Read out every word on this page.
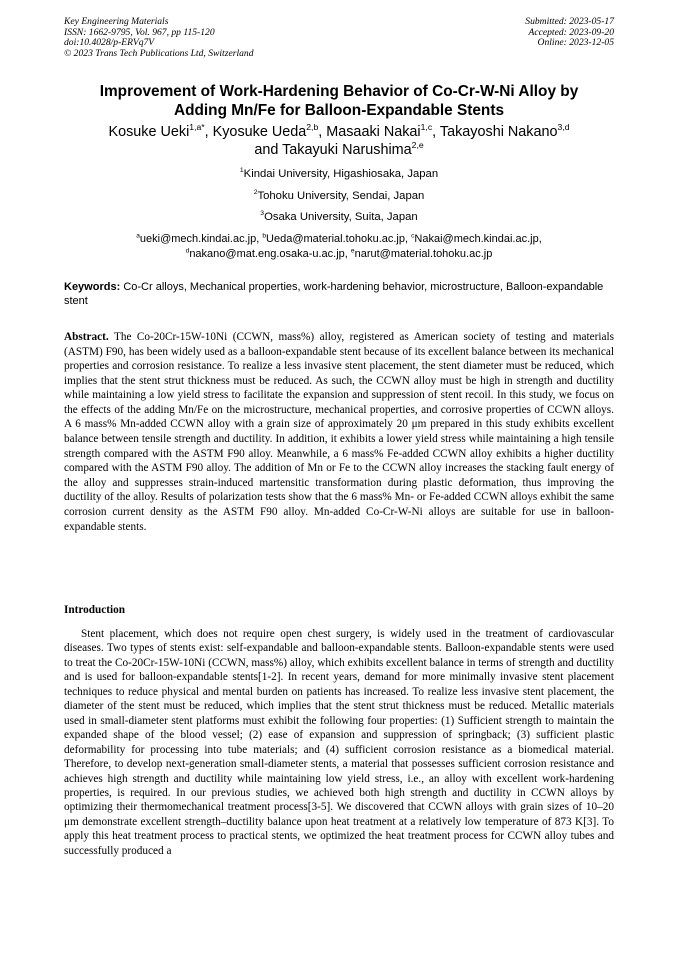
Key Engineering Materials
ISSN: 1662-9795, Vol. 967, pp 115-120
doi:10.4028/p-ERVq7V
© 2023 Trans Tech Publications Ltd, Switzerland
Submitted: 2023-05-17
Accepted: 2023-09-20
Online: 2023-12-05
Improvement of Work-Hardening Behavior of Co-Cr-W-Ni Alloy by
Adding Mn/Fe for Balloon-Expandable Stents
Kosuke Ueki$^{1,a*}$, Kyosuke Ueda$^{2,b}$, Masaaki Nakai$^{1,c}$, Takayoshi Nakano$^{3,d}$
and Takayuki Narushima$^{2,e}$
$^1$Kindai University, Higashiosaka, Japan
$^2$Tohoku University, Sendai, Japan
$^3$Osaka University, Suita, Japan
$^a$ueki@mech.kindai.ac.jp, $^b$Ueda@material.tohoku.ac.jp, $^c$Nakai@mech.kindai.ac.jp,
$^d$nakano@mat.eng.osaka-u.ac.jp, $^e$narut@material.tohoku.ac.jp
Keywords: Co-Cr alloys, Mechanical properties, work-hardening behavior, microstructure, Balloon-expandable stent
Abstract. The Co-20Cr-15W-10Ni (CCWN, mass%) alloy, registered as American society of testing and materials (ASTM) F90, has been widely used as a balloon-expandable stent because of its excellent balance between its mechanical properties and corrosion resistance. To realize a less invasive stent placement, the stent diameter must be reduced, which implies that the stent strut thickness must be reduced. As such, the CCWN alloy must be high in strength and ductility while maintaining a low yield stress to facilitate the expansion and suppression of stent recoil. In this study, we focus on the effects of the adding Mn/Fe on the microstructure, mechanical properties, and corrosive properties of CCWN alloys. A 6 mass% Mn-added CCWN alloy with a grain size of approximately 20 μm prepared in this study exhibits excellent balance between tensile strength and ductility. In addition, it exhibits a lower yield stress while maintaining a high tensile strength compared with the ASTM F90 alloy. Meanwhile, a 6 mass% Fe-added CCWN alloy exhibits a higher ductility compared with the ASTM F90 alloy. The addition of Mn or Fe to the CCWN alloy increases the stacking fault energy of the alloy and suppresses strain-induced martensitic transformation during plastic deformation, thus improving the ductility of the alloy. Results of polarization tests show that the 6 mass% Mn- or Fe-added CCWN alloys exhibit the same corrosion current density as the ASTM F90 alloy. Mn-added Co-Cr-W-Ni alloys are suitable for use in balloon-expandable stents.
Introduction
Stent placement, which does not require open chest surgery, is widely used in the treatment of cardiovascular diseases. Two types of stents exist: self-expandable and balloon-expandable stents. Balloon-expandable stents were used to treat the Co-20Cr-15W-10Ni (CCWN, mass%) alloy, which exhibits excellent balance in terms of strength and ductility and is used for balloon-expandable stents[1-2]. In recent years, demand for more minimally invasive stent placement techniques to reduce physical and mental burden on patients has increased. To realize less invasive stent placement, the diameter of the stent must be reduced, which implies that the stent strut thickness must be reduced. Metallic materials used in small-diameter stent platforms must exhibit the following four properties: (1) Sufficient strength to maintain the expanded shape of the blood vessel; (2) ease of expansion and suppression of springback; (3) sufficient plastic deformability for processing into tube materials; and (4) sufficient corrosion resistance as a biomedical material. Therefore, to develop next-generation small-diameter stents, a material that possesses sufficient corrosion resistance and achieves high strength and ductility while maintaining low yield stress, i.e., an alloy with excellent work-hardening properties, is required. In our previous studies, we achieved both high strength and ductility in CCWN alloys by optimizing their thermomechanical treatment process[3-5]. We discovered that CCWN alloys with grain sizes of 10–20 μm demonstrate excellent strength–ductility balance upon heat treatment at a relatively low temperature of 873 K[3]. To apply this heat treatment process to practical stents, we optimized the heat treatment process for CCWN alloy tubes and successfully produced a
